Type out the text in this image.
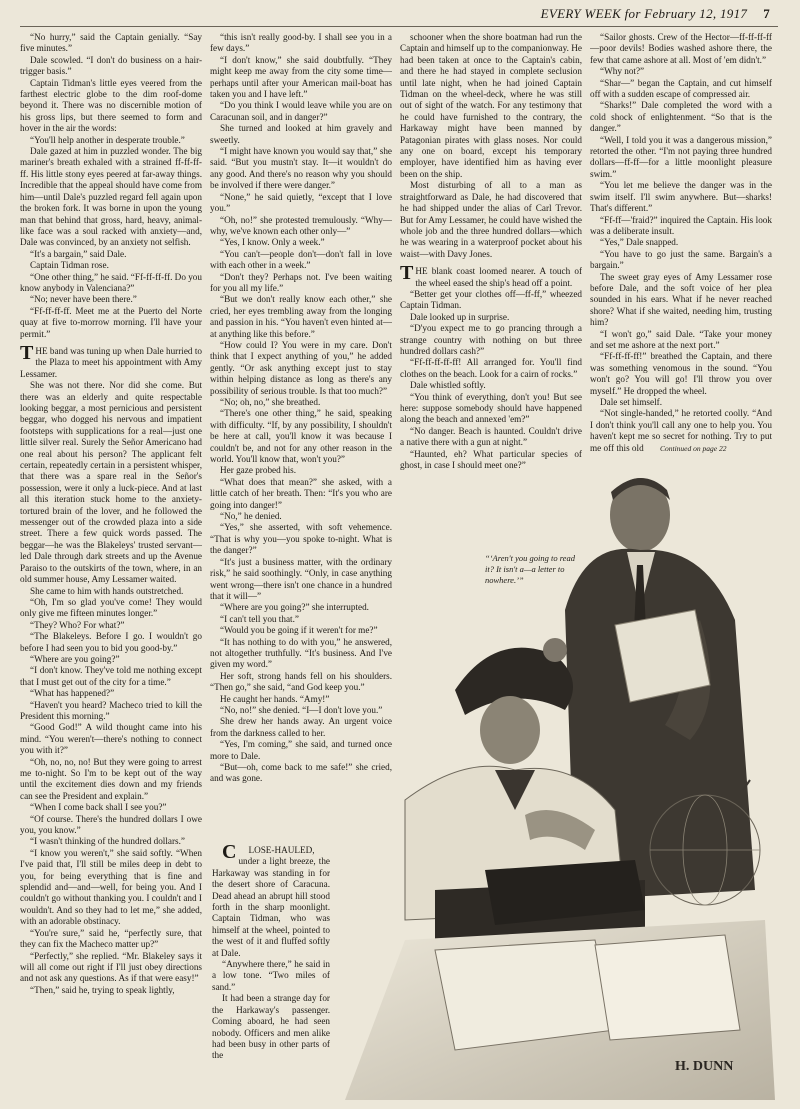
EVERY WEEK for February 12, 1917 7

“No hurry,” said the Captain genially. “Say five minutes.”

Dale scowled. “I don't do business on a hair-trigger basis.”

Captain Tidman's little eyes veered from the farthest electric globe to the dim roof-dome beyond it. There was no discernible motion of his gross lips, but there seemed to form and hover in the air the words:

“You'll help another in desperate trouble.”

Dale gazed at him in puzzled wonder. The big mariner's breath exhaled with a strained ff-ff-ff-ff. His little stony eyes peered at far-away things. Incredible that the appeal should have come from him—until Dale's puzzled regard fell again upon the broken fork. It was borne in upon the young man that behind that gross, hard, heavy, animal-like face was a soul racked with anxiety—and, Dale was convinced, by an anxiety not selfish.

“It's a bargain,” said Dale.

Captain Tidman rose.

“One other thing,” he said. “Ff-ff-ff-ff. Do you know anybody in Valenciana?”

“No; never have been there.”

“Ff-ff-ff-ff. Meet me at the Puerto del Norte quay at five to-morrow morning. I'll have your permit.”

THE band was tuning up when Dale hurried to the Plaza to meet his appointment with Amy Lessamer.

She was not there. Nor did she come. But there was an elderly and quite respectable looking beggar, a most pernicious and persistent beggar, who dogged his nervous and impatient footsteps with supplications for a real—just one little silver real. Surely the Señor Americano had one real about his person? The applicant felt certain, repeatedly certain in a persistent whisper, that there was a spare real in the Señor's possession, were it only a luck-piece. And at last all this iteration stuck home to the anxiety-tortured brain of the lover, and he followed the messenger out of the crowded plaza into a side street. There a few quick words passed. The beggar—he was the Blakeleys' trusted servant—led Dale through dark streets and up the Avenue Paraiso to the outskirts of the town, where, in an old summer house, Amy Lessamer waited.

She came to him with hands outstretched.

“Oh, I'm so glad you've come! They would only give me fifteen minutes longer.”

“They? Who? For what?”

“The Blakeleys. Before I go. I wouldn't go before I had seen you to bid you good-by.”

“Where are you going?”

“I don't know. They've told me nothing except that I must get out of the city for a time.”

“What has happened?”

“Haven't you heard? Macheco tried to kill the President this morning.”

“Good God!” A wild thought came into his mind. “You weren't—there's nothing to connect you with it?”

“Oh, no, no, no! But they were going to arrest me to-night. So I'm to be kept out of the way until the excitement dies down and my friends can see the President and explain.”

“When I come back shall I see you?”

“Of course. There's the hundred dollars I owe you, you know.”

“I wasn't thinking of the hundred dollars.”

“I know you weren't,” she said softly. “When I've paid that, I'll still be miles deep in debt to you, for being everything that is fine and splendid and—and—well, for being you. And I couldn't go without thanking you. I couldn't and I wouldn't. And so they had to let me,” she added, with an adorable obstinacy.

“You're sure,” said he, “perfectly sure, that they can fix the Macheco matter up?”

“Perfectly,” she replied. “Mr. Blakeley says it will all come out right if I'll just obey directions and not ask any questions. As if that were easy!”

“Then,” said he, trying to speak lightly,

“this isn't really good-by. I shall see you in a few days.”

“I don't know,” she said doubtfully. “They might keep me away from the city some time—perhaps until after your American mail-boat has taken you and I have left.”

“Do you think I would leave while you are on Caracunan soil, and in danger?”

She turned and looked at him gravely and sweetly.

“I might have known you would say that,” she said. “But you mustn't stay. It—it wouldn't do any good. And there's no reason why you should be involved if there were danger.”

“None,” he said quietly, “except that I love you.”

“Oh, no!” she protested tremulously. “Why—why, we've known each other only—”

“Yes, I know. Only a week.”

“You can't—people don't—don't fall in love with each other in a week.”

“Don't they? Perhaps not. I've been waiting for you all my life.”

“But we don't really know each other,” she cried, her eyes trembling away from the longing and passion in his. “You haven't even hinted at—at anything like this before.”

“How could I? You were in my care. Don't think that I expect anything of you,” he added gently. “Or ask anything except just to stay within helping distance as long as there's any possibility of serious trouble. Is that too much?”

“No; oh, no,” she breathed.

“There's one other thing,” he said, speaking with difficulty. “If, by any possibility, I shouldn't be here at call, you'll know it was because I couldn't be, and not for any other reason in the world. You'll know that, won't you?”

Her gaze probed his.

“What does that mean?” she asked, with a little catch of her breath. Then: “It's you who are going into danger!”

“No,” he denied.

“Yes,” she asserted, with soft vehemence. “That is why you—you spoke to-night. What is the danger?”

“It's just a business matter, with the ordinary risk,” he said soothingly. “Only, in case anything went wrong—there isn't one chance in a hundred that it will—”

“Where are you going?” she interrupted.

“I can't tell you that.”

“Would you be going if it weren't for me?”

“It has nothing to do with you,” he answered, not altogether truthfully. “It's business. And I've given my word.”

Her soft, strong hands fell on his shoulders. “Then go,” she said, “and God keep you.”

He caught her hands. “Amy!”

“No, no!” she denied. “I—I don't love you.”

She drew her hands away. An urgent voice from the darkness called to her.

“Yes, I'm coming,” she said, and turned once more to Dale.

“But—oh, come back to me safe!” she cried, and was gone.

C LOSE-HAULED, under a light breeze, the Harkaway was standing in for the desert shore of Caracuna. Dead ahead an abrupt hill stood forth in the sharp moonlight. Captain Tidman, who was himself at the wheel, pointed to the west of it and fluffed softly at Dale.

“Anywhere there,” he said in a low tone. “Two miles of sand.”

It had been a strange day for the Harkaway's passenger. Coming aboard, he had seen nobody. Officers and men alike had been busy in other parts of the

schooner when the shore boatman had run the Captain and himself up to the companionway. He had been taken at once to the Captain's cabin, and there he had stayed in complete seclusion until late night, when he had joined Captain Tidman on the wheel-deck, where he was still out of sight of the watch. For any testimony that he could have furnished to the contrary, the Harkaway might have been manned by Patagonian pirates with glass noses. Nor could any one on board, except his temporary employer, have identified him as having ever been on the ship.

Most disturbing of all to a man as straightforward as Dale, he had discovered that he had shipped under the alias of Carl Trevor. But for Amy Lessamer, he could have wished the whole job and the three hundred dollars—which he was wearing in a waterproof pocket about his waist—with Davy Jones.

THE blank coast loomed nearer. A touch of the wheel eased the ship's head off a point.

“Better get your clothes off—ff-ff,” wheezed Captain Tidman.

Dale looked up in surprise.

“D'you expect me to go prancing through a strange country with nothing on but three hundred dollars cash?”

“Ff-ff-ff-ff-ff! All arranged for. You'll find clothes on the beach. Look for a cairn of rocks.”

Dale whistled softly.

“You think of everything, don't you! But see here: suppose somebody should have happened along the beach and annexed 'em?”

“No danger. Beach is haunted. Couldn't drive a native there with a gun at night.”

“Haunted, eh? What particular species of ghost, in case I should meet one?”

“Sailor ghosts. Crew of the Hector—ff-ff-ff-ff—poor devils! Bodies washed ashore there, the few that came ashore at all. Most of 'em didn't.”

“Why not?”

“Shar—” began the Captain, and cut himself off with a sudden escape of compressed air.

“Sharks!” Dale completed the word with a cold shock of enlightenment. “So that is the danger.”

“Well, I told you it was a dangerous mission,” retorted the other. “I'm not paying three hundred dollars—ff-ff—for a little moonlight pleasure swim.”

“You let me believe the danger was in the swim itself. I'll swim anywhere. But—sharks! That's different.”

“Ff-ff—'fraid?” inquired the Captain. His look was a deliberate insult.

“Yes,” Dale snapped.

“You have to go just the same. Bargain's a bargain.”

The sweet gray eyes of Amy Lessamer rose before Dale, and the soft voice of her plea sounded in his ears. What if he never reached shore? What if she waited, needing him, trusting him?

“I won't go,” said Dale. “Take your money and set me ashore at the next port.”

“Ff-ff-ff-ff!” breathed the Captain, and there was something venomous in the sound. “You won't go? You will go! I'll throw you over myself.” He dropped the wheel.

Dale set himself.

“Not single-handed,” he retorted coolly. “And I don't think you'll call any one to help you. You haven't kept me so secret for nothing. Try to put me off this old	Continued on page 22
H. DUNN
“‘Aren't you going to read it? It isn't a—a letter to nowhere.’”
